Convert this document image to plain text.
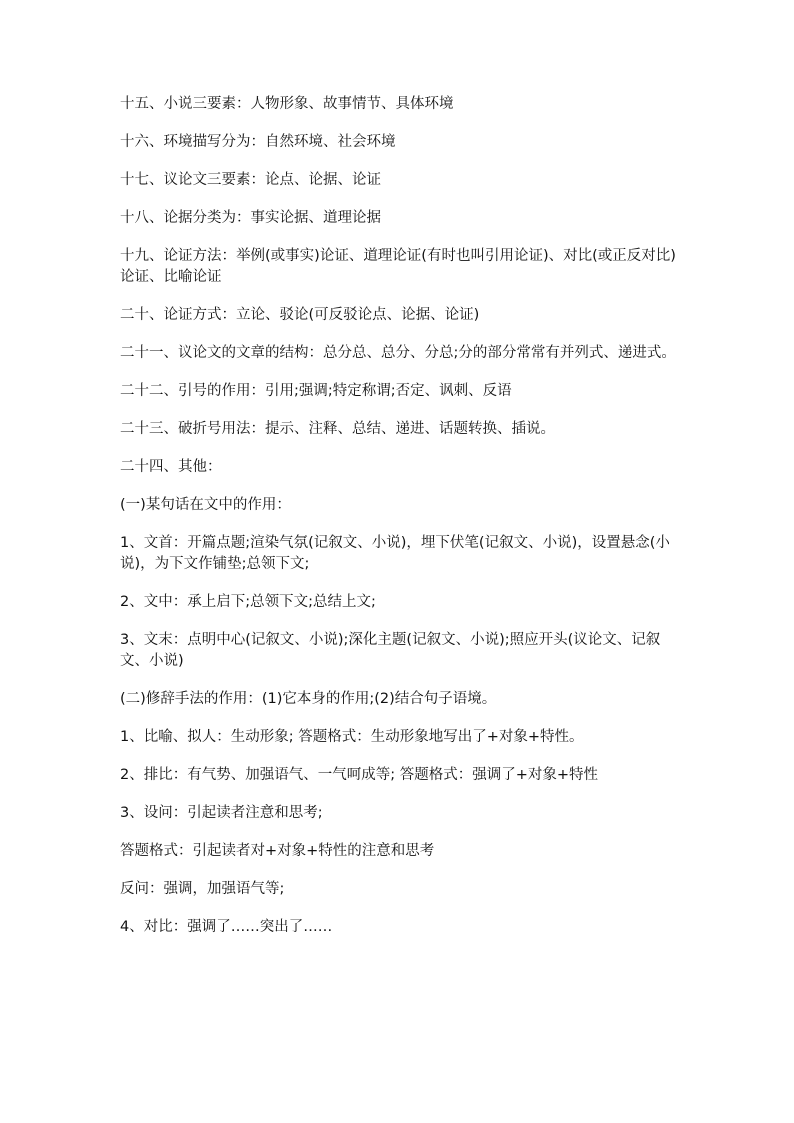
十五、小说三要素：人物形象、故事情节、具体环境

十六、环境描写分为：自然环境、社会环境

十七、议论文三要素：论点、论据、论证

十八、论据分类为：事实论据、道理论据

十九、论证方法：举例(或事实)论证、道理论证(有时也叫引用论证)、对比(或正反对比)论证、比喻论证

二十、论证方式：立论、驳论(可反驳论点、论据、论证)

二十一、议论文的文章的结构：总分总、总分、分总;分的部分常常有并列式、递进式。

二十二、引号的作用：引用;强调;特定称谓;否定、讽刺、反语

二十三、破折号用法：提示、注释、总结、递进、话题转换、插说。

二十四、其他：

(一)某句话在文中的作用：

1、文首：开篇点题;渲染气氛(记叙文、小说)，埋下伏笔(记叙文、小说)，设置悬念(小说)，为下文作铺垫;总领下文;

2、文中：承上启下;总领下文;总结上文;

3、文末：点明中心(记叙文、小说);深化主题(记叙文、小说);照应开头(议论文、记叙文、小说)

(二)修辞手法的作用：(1)它本身的作用;(2)结合句子语境。

1、比喻、拟人：生动形象; 答题格式：生动形象地写出了+对象+特性。

2、排比：有气势、加强语气、一气呵成等; 答题格式：强调了+对象+特性

3、设问：引起读者注意和思考;

答题格式：引起读者对+对象+特性的注意和思考

反问：强调，加强语气等;

4、对比：强调了……突出了……
